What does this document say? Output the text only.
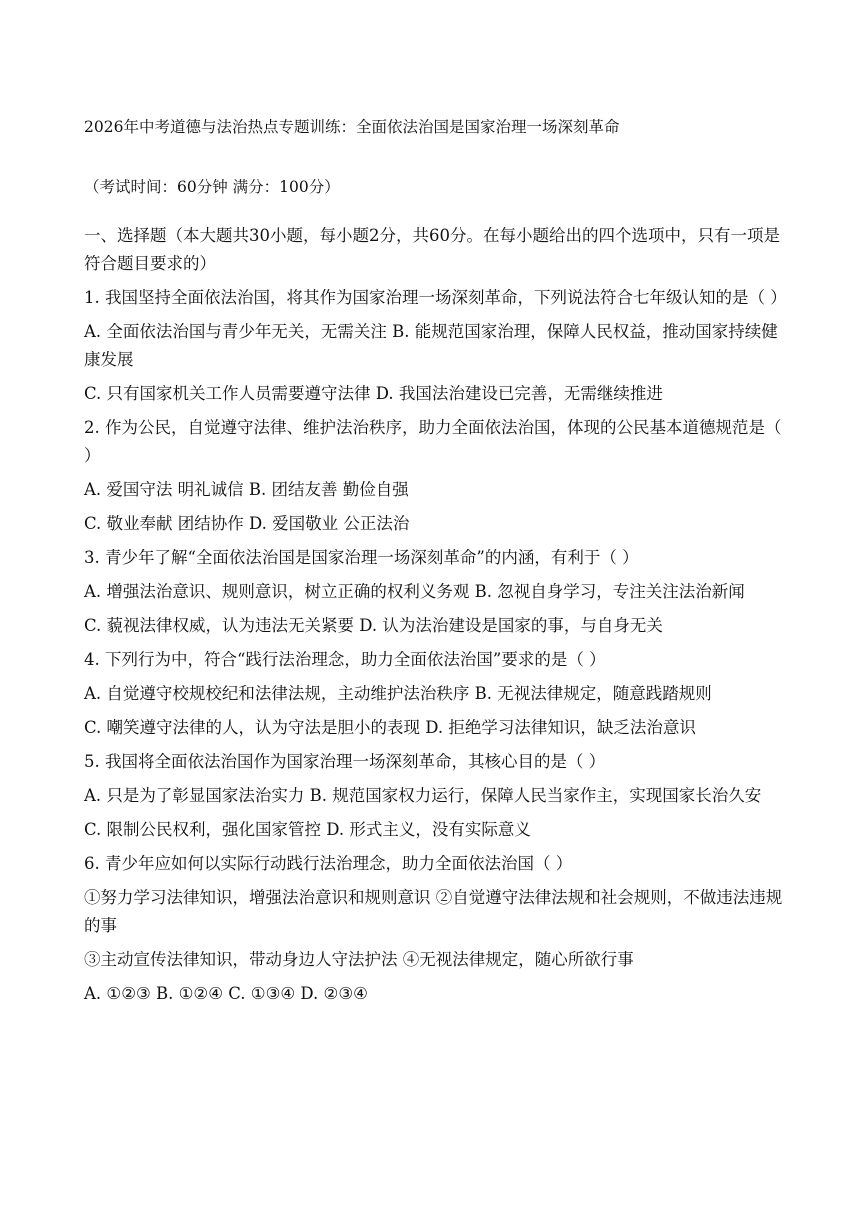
2026年中考道德与法治热点专题训练：全面依法治国是国家治理一场深刻革命
（考试时间：60分钟 满分：100分）
一、选择题（本大题共30小题，每小题2分，共60分。在每小题给出的四个选项中，只有一项是符合题目要求的）
1. 我国坚持全面依法治国，将其作为国家治理一场深刻革命，下列说法符合七年级认知的是（ ）
A. 全面依法治国与青少年无关，无需关注 B. 能规范国家治理，保障人民权益，推动国家持续健康发展
C. 只有国家机关工作人员需要遵守法律 D. 我国法治建设已完善，无需继续推进
2. 作为公民，自觉遵守法律、维护法治秩序，助力全面依法治国，体现的公民基本道德规范是（ ）
A. 爱国守法 明礼诚信 B. 团结友善 勤俭自强
C. 敬业奉献 团结协作 D. 爱国敬业 公正法治
3. 青少年了解“全面依法治国是国家治理一场深刻革命”的内涵，有利于（ ）
A. 增强法治意识、规则意识，树立正确的权利义务观 B. 忽视自身学习，专注关注法治新闻
C. 藐视法律权威，认为违法无关紧要 D. 认为法治建设是国家的事，与自身无关
4. 下列行为中，符合“践行法治理念，助力全面依法治国”要求的是（ ）
A. 自觉遵守校规校纪和法律法规，主动维护法治秩序 B. 无视法律规定，随意践踏规则
C. 嘲笑遵守法律的人，认为守法是胆小的表现 D. 拒绝学习法律知识，缺乏法治意识
5. 我国将全面依法治国作为国家治理一场深刻革命，其核心目的是（ ）
A. 只是为了彰显国家法治实力 B. 规范国家权力运行，保障人民当家作主，实现国家长治久安
C. 限制公民权利，强化国家管控 D. 形式主义，没有实际意义
6. 青少年应如何以实际行动践行法治理念，助力全面依法治国（ ）
①努力学习法律知识，增强法治意识和规则意识 ②自觉遵守法律法规和社会规则，不做违法违规的事
③主动宣传法律知识，带动身边人守法护法 ④无视法律规定，随心所欲行事
A. ①②③ B. ①②④ C. ①③④ D. ②③④
